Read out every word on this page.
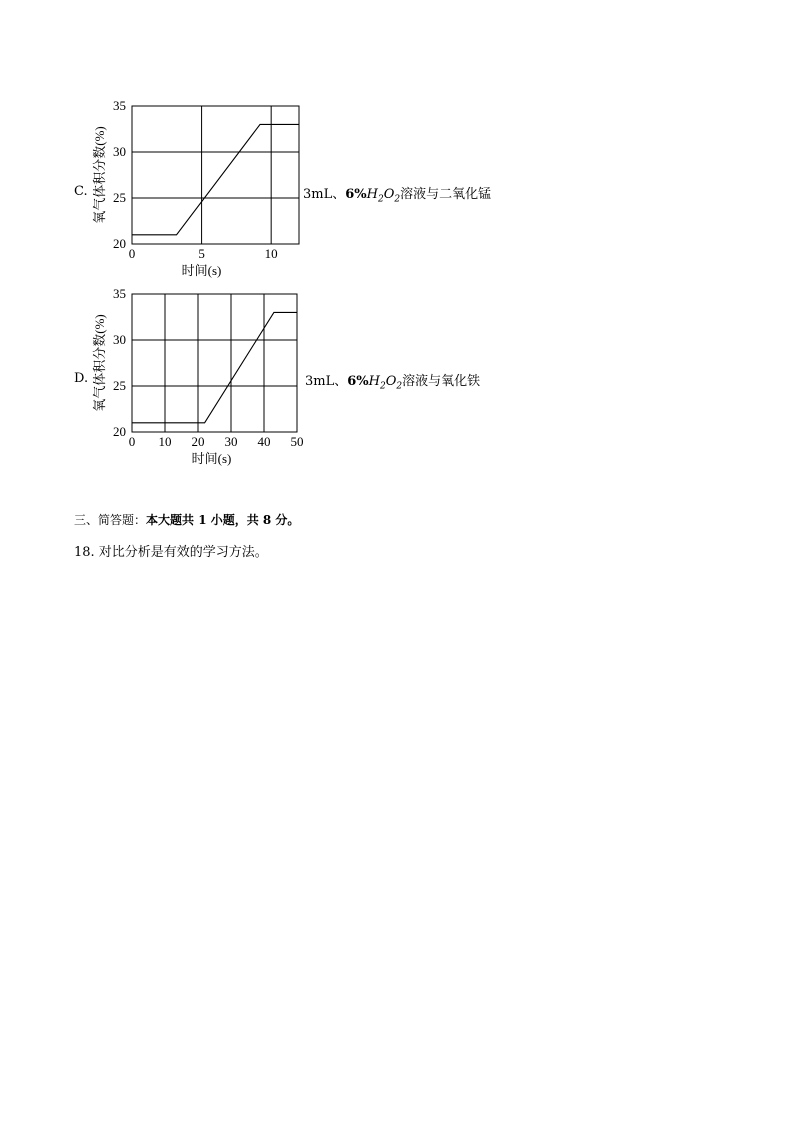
C.
20
25
30
35
0	5	10
时间(s)
氧气体积分数(%)	3mL、$6\%H_2O_2$溶液与二氧化锰
D.
20
25
30
35
0 10 20 30 40 50
时间(s)
氧气体积分数(%)	3mL、$6\%H_2O_2$溶液与氧化铁
三、简答题：本大题共 1 小题，共 8 分。
18. 对比分析是有效的学习方法。
